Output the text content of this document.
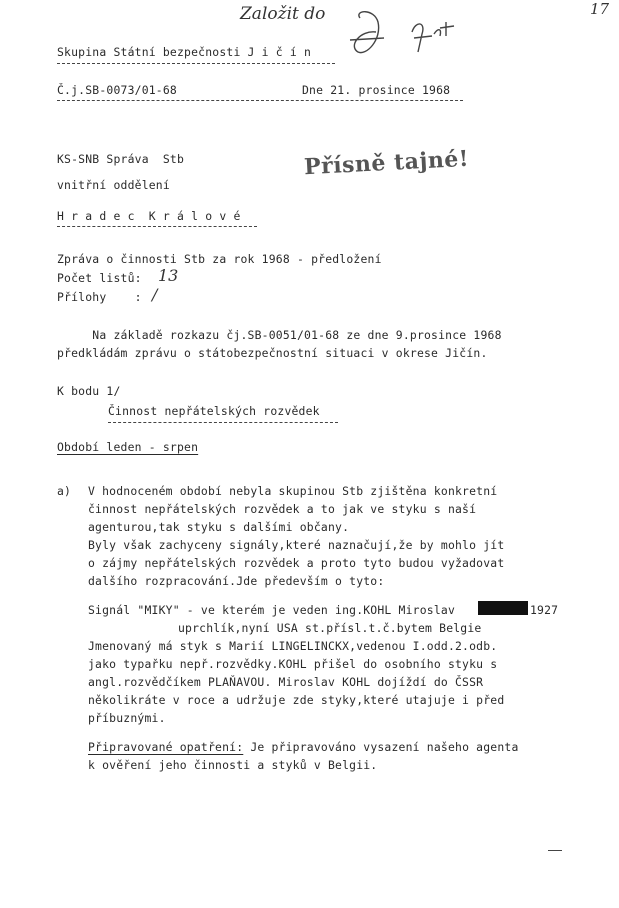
17
Založit do
Skupina Státní bezpečnosti J i č í n
Č.j.SB-0073/01-68	Dne 21. prosince 1968
KS-SNB Správa  Stb
vnitřní oddělení
H r a d e c  K r á l o v é
Přísně tajné!
Zpráva o činnosti Stb za rok 1968 - předložení
Počet listů: 13
Přílohy    : /
Na základě rozkazu čj.SB-0051/01-68 ze dne 9.prosince 1968
předkládám zprávu o státobezpečnostní situaci v okrese Jičín.
K bodu 1/
Činnost nepřátelských rozvědek
Období leden - srpen
a) V hodnoceném období nebyla skupinou Stb zjištěna konkretní
činnost nepřátelských rozvědek a to jak ve styku s naší
agenturou,tak styku s dalšími občany.
Byly však zachyceny signály,které naznačují,že by mohlo jít
o zájmy nepřátelských rozvědek a proto tyto budou vyžadovat
dalšího rozpracování.Jde především o tyto:
Signál "MIKY" - ve kterém je veden ing.KOHL Miroslav	1927
uprchlík,nyní USA st.přísl.t.č.bytem Belgie
Jmenovaný má styk s Marií LINGELINCKX,vedenou I.odd.2.odb.
jako typařku nepř.rozvědky.KOHL přišel do osobního styku s
angl.rozvědčíkem PLAŇAVOU. Miroslav KOHL dojíždí do ČSSR
několikráte v roce a udržuje zde styky,které utajuje i před
příbuznými.
Připravované opatření: Je připravováno vysazení našeho agenta
k ověření jeho činnosti a styků v Belgii.
